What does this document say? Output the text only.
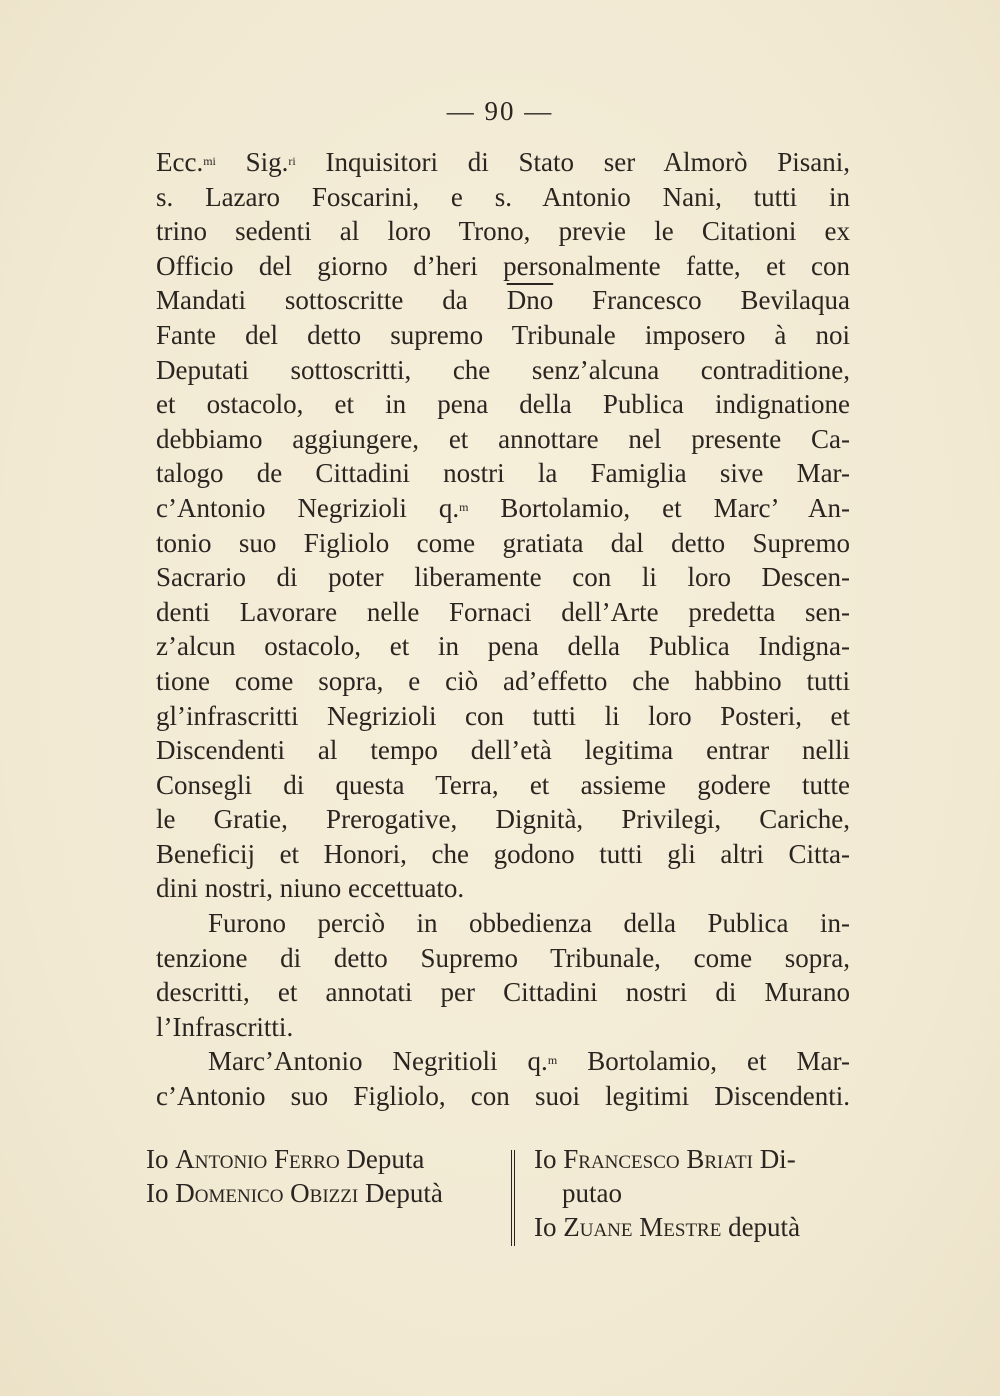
— 90 —
Ecc.$^{mi}$ Sig.$^{ri}$ Inquisitori di Stato ser Almorò Pisani,
s. Lazaro Foscarini, e s. Antonio Nani, tutti in
trino sedenti al loro Trono, previe le Citationi ex
Officio del giorno d’heri personalmente fatte, et con
Mandati sottoscritte da $\overline{Dno}$ Francesco Bevilaqua
Fante del detto supremo Tribunale imposero à noi
Deputati sottoscritti, che senz’alcuna contraditione,
et ostacolo, et in pena della Publica indignatione
debbiamo aggiungere, et annottare nel presente Ca-
talogo de Cittadini nostri la Famiglia sive Mar-
c’Antonio Negrizioli q.$^m$ Bortolamio, et Marc’ An-
tonio suo Figliolo come gratiata dal detto Supremo
Sacrario di poter liberamente con li loro Descen-
denti Lavorare nelle Fornaci dell’Arte predetta sen-
z’alcun ostacolo, et in pena della Publica Indigna-
tione come sopra, e ciò ad’effetto che habbino tutti
gl’infrascritti Negrizioli con tutti li loro Posteri, et
Discendenti al tempo dell’età legitima entrar nelli
Consegli di questa Terra, et assieme godere tutte
le Gratie, Prerogative, Dignità, Privilegi, Cariche,
Beneficij et Honori, che godono tutti gli altri Citta-
dini nostri, niuno eccettuato.
Furono perciò in obbedienza della Publica in-
tenzione di detto Supremo Tribunale, come sopra,
descritti, et annotati per Cittadini nostri di Murano
l’Infrascritti.
Marc’Antonio Negritioli q.$^m$ Bortolamio, et Mar-
c’Antonio suo Figliolo, con suoi legitimi Discendenti.
Io Antonio Ferro Deputa
Io Domenico Obizzi Deputà
Io Francesco Briati Di-
putao
Io Zuane Mestre deputà
